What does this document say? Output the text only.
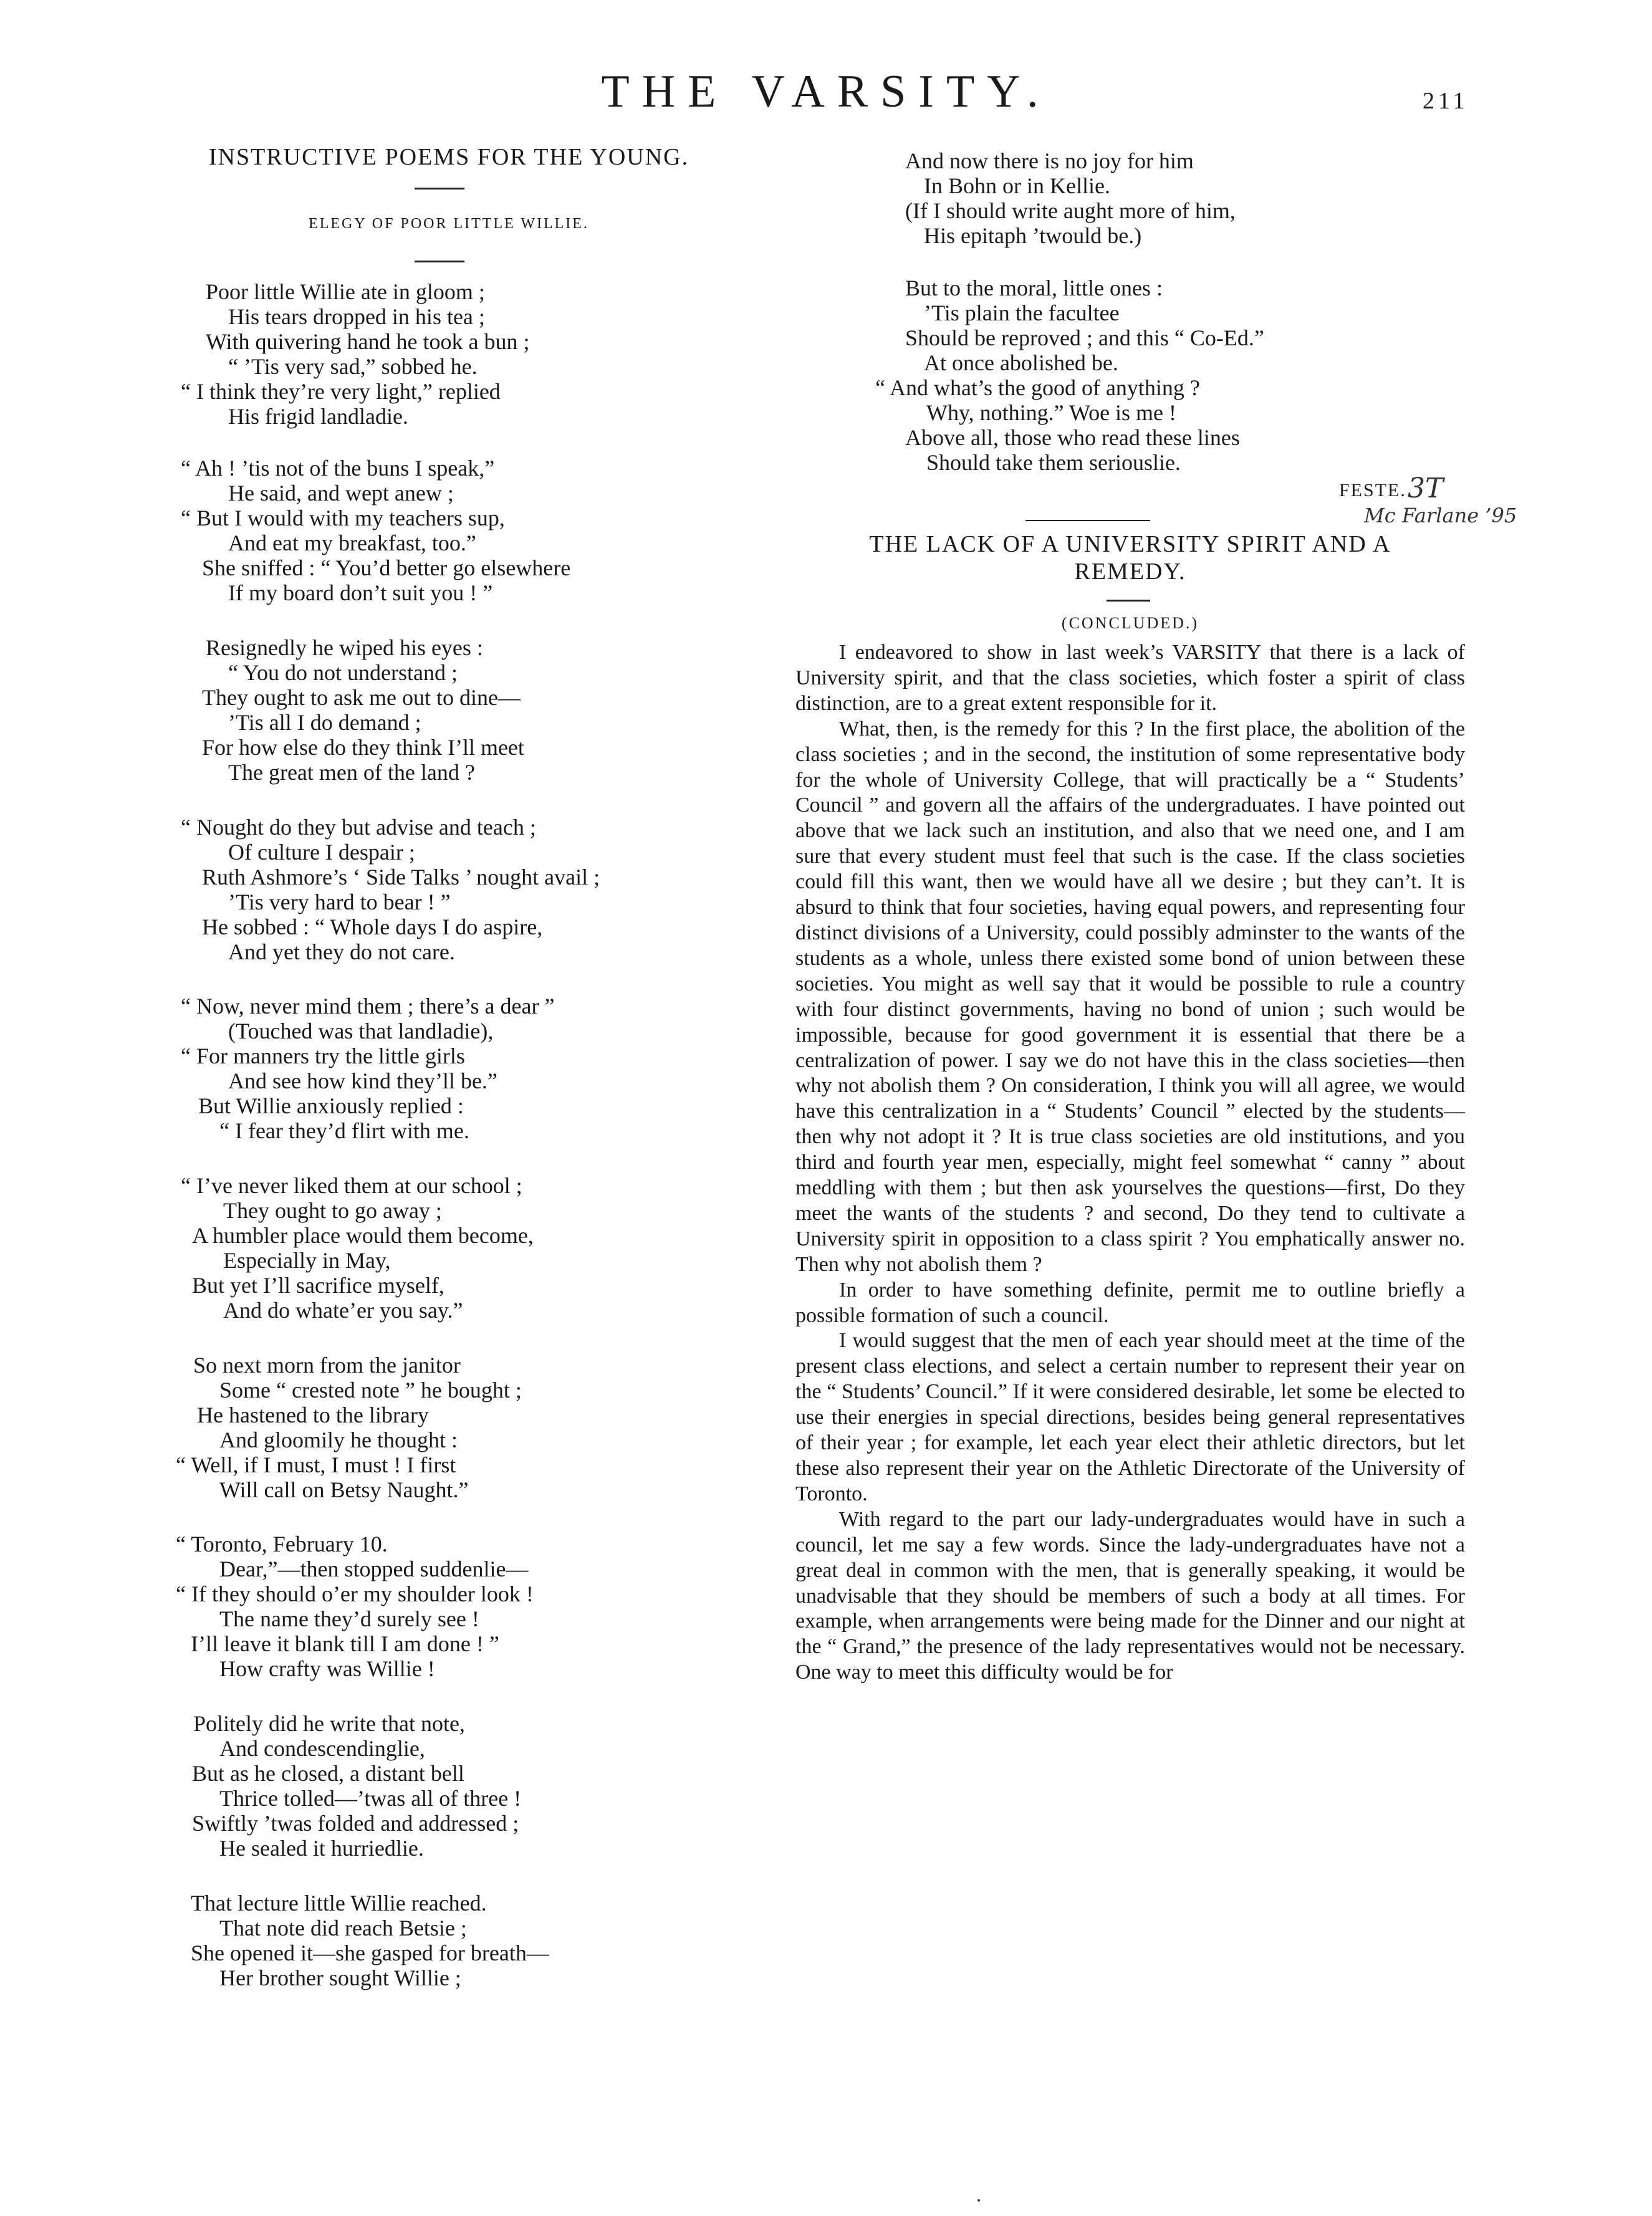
THE VARSITY.	211
INSTRUCTIVE POEMS FOR THE YOUNG.
ELEGY OF POOR LITTLE WILLIE.
Poor little Willie ate in gloom ;
His tears dropped in his tea ;
With quivering hand he took a bun ;
“ ’Tis very sad,” sobbed he.
“ I think they’re very light,” replied
His frigid landladie.
“ Ah ! ’tis not of the buns I speak,”
He said, and wept anew ;
“ But I would with my teachers sup,
And eat my breakfast, too.”
She sniffed : “ You’d better go elsewhere
If my board don’t suit you ! ”
Resignedly he wiped his eyes :
“ You do not understand ;
They ought to ask me out to dine—
’Tis all I do demand ;
For how else do they think I’ll meet
The great men of the land ?
“ Nought do they but advise and teach ;
Of culture I despair ;
Ruth Ashmore’s ‘ Side Talks ’ nought avail ;
’Tis very hard to bear ! ”
He sobbed : “ Whole days I do aspire,
And yet they do not care.
“ Now, never mind them ; there’s a dear ”
(Touched was that landladie),
“ For manners try the little girls
And see how kind they’ll be.”
But Willie anxiously replied :
“ I fear they’d flirt with me.
“ I’ve never liked them at our school ;
They ought to go away ;
A humbler place would them become,
Especially in May,
But yet I’ll sacrifice myself,
And do whate’er you say.”
So next morn from the janitor
Some “ crested note ” he bought ;
He hastened to the library
And gloomily he thought :
“ Well, if I must, I must ! I first
Will call on Betsy Naught.”
“ Toronto, February 10.
Dear,”—then stopped suddenlie—
“ If they should o’er my shoulder look !
The name they’d surely see !
I’ll leave it blank till I am done ! ”
How crafty was Willie !
Politely did he write that note,
And condescendinglie,
But as he closed, a distant bell
Thrice tolled—’twas all of three !
Swiftly ’twas folded and addressed ;
He sealed it hurriedlie.
That lecture little Willie reached.
That note did reach Betsie ;
She opened it—she gasped for breath—
Her brother sought Willie ;
And now there is no joy for him
In Bohn or in Kellie.
(If I should write aught more of him,
His epitaph ’twould be.)
But to the moral, little ones :
’Tis plain the facultee
Should be reproved ; and this “ Co-Ed.”
At once abolished be.
“ And what’s the good of anything ?
Why, nothing.” Woe is me !
Above all, those who read these lines
Should take them seriouslie.
FESTE. 3T
Mc Farlane ’95
THE LACK OF A UNIVERSITY SPIRIT AND A
REMEDY.
(CONCLUDED.)

I endeavored to show in last week’s VARSITY that there is a lack of University spirit, and that the class societies, which foster a spirit of class distinction, are to a great extent responsible for it.

What, then, is the remedy for this ? In the first place, the abolition of the class societies ; and in the second, the institution of some representative body for the whole of University College, that will practically be a “ Students’ Council ” and govern all the affairs of the undergraduates. I have pointed out above that we lack such an institution, and also that we need one, and I am sure that every student must feel that such is the case. If the class societies could fill this want, then we would have all we desire ; but they can’t. It is absurd to think that four societies, having equal powers, and representing four distinct divisions of a University, could possibly adminster to the wants of the students as a whole, unless there existed some bond of union between these societies. You might as well say that it would be possible to rule a country with four distinct governments, having no bond of union ; such would be impossible, because for good government it is essential that there be a centralization of power. I say we do not have this in the class societies—then why not abolish them ? On consideration, I think you will all agree, we would have this centralization in a “ Students’ Council ” elected by the students—then why not adopt it ? It is true class societies are old institutions, and you third and fourth year men, especially, might feel somewhat “ canny ” about meddling with them ; but then ask yourselves the questions—first, Do they meet the wants of the students ? and second, Do they tend to cultivate a University spirit in opposition to a class spirit ? You emphatically answer no. Then why not abolish them ?

In order to have something definite, permit me to outline briefly a possible formation of such a council.

I would suggest that the men of each year should meet at the time of the present class elections, and select a certain number to represent their year on the “ Students’ Council.” If it were considered desirable, let some be elected to use their energies in special directions, besides being general representatives of their year ; for example, let each year elect their athletic directors, but let these also represent their year on the Athletic Directorate of the University of Toronto.

With regard to the part our lady-undergraduates would have in such a council, let me say a few words. Since the lady-undergraduates have not a great deal in common with the men, that is generally speaking, it would be unadvisable that they should be members of such a body at all times. For example, when arrangements were being made for the Dinner and our night at the “ Grand,” the presence of the lady representatives would not be necessary. One way to meet this difficulty would be for
